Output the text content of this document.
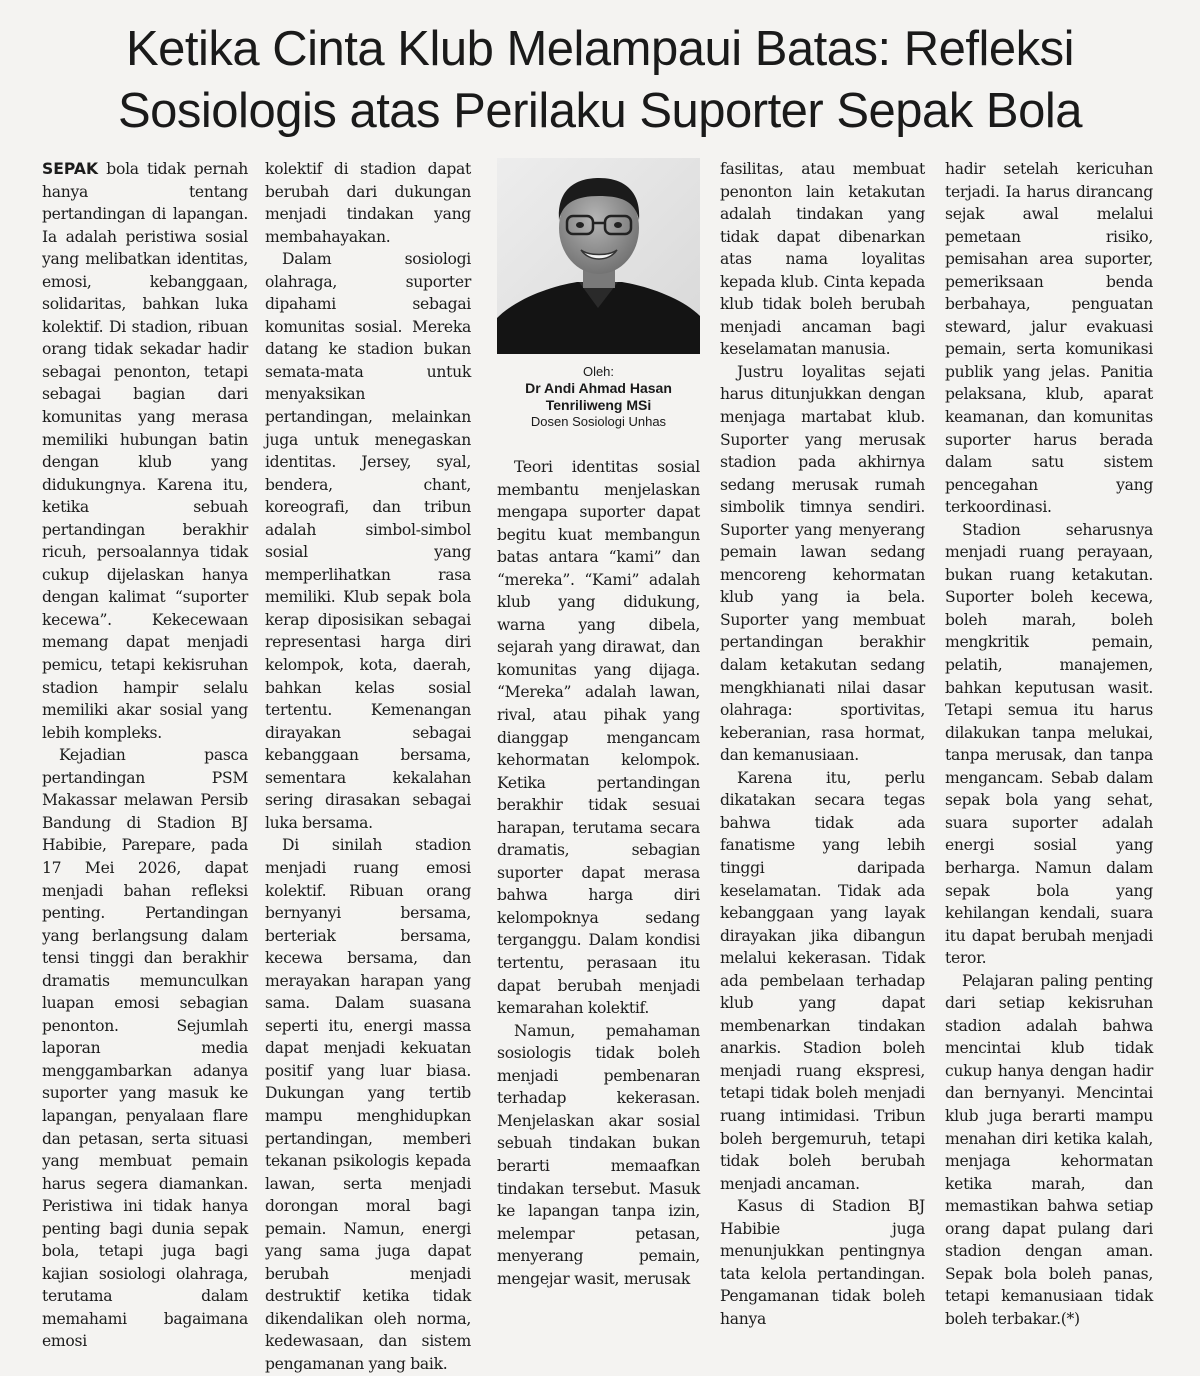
Ketika Cinta Klub Melampaui Batas: Refleksi
Sosiologis atas Perilaku Suporter Sepak Bola

SEPAK bola tidak pernah hanya tentang pertandingan di lapangan. Ia adalah peristiwa sosial yang melibatkan identitas, emosi, kebanggaan, solidaritas, bahkan luka kolektif. Di stadion, ribuan orang tidak sekadar hadir sebagai penonton, tetapi sebagai bagian dari komunitas yang merasa memiliki hubungan batin dengan klub yang didukungnya. Karena itu, ketika sebuah pertandingan berakhir ricuh, persoalannya tidak cukup dijelaskan hanya dengan kalimat “suporter kecewa”. Kekecewaan memang dapat menjadi pemicu, tetapi kekisruhan stadion hampir selalu memiliki akar sosial yang lebih kompleks.

Kejadian pasca pertandingan PSM Makassar melawan Persib Bandung di Stadion BJ Habibie, Parepare, pada 17 Mei 2026, dapat menjadi bahan refleksi penting. Pertandingan yang berlangsung dalam tensi tinggi dan berakhir dramatis memunculkan luapan emosi sebagian penonton. Sejumlah laporan media menggambarkan adanya suporter yang masuk ke lapangan, penyalaan flare dan petasan, serta situasi yang membuat pemain harus segera diamankan. Peristiwa ini tidak hanya penting bagi dunia sepak bola, tetapi juga bagi kajian sosiologi olahraga, terutama dalam memahami bagaimana emosi

kolektif di stadion dapat berubah dari dukungan menjadi tindakan yang membahayakan.

Dalam sosiologi olahraga, suporter dipahami sebagai komunitas sosial. Mereka datang ke stadion bukan semata-mata untuk menyaksikan pertandingan, melainkan juga untuk menegaskan identitas. Jersey, syal, bendera, chant, koreografi, dan tribun adalah simbol-simbol sosial yang memperlihatkan rasa memiliki. Klub sepak bola kerap diposisikan sebagai representasi harga diri kelompok, kota, daerah, bahkan kelas sosial tertentu. Kemenangan dirayakan sebagai kebanggaan bersama, sementara kekalahan sering dirasakan sebagai luka bersama.

Di sinilah stadion menjadi ruang emosi kolektif. Ribuan orang bernyanyi bersama, berteriak bersama, kecewa bersama, dan merayakan harapan yang sama. Dalam suasana seperti itu, energi massa dapat menjadi kekuatan positif yang luar biasa. Dukungan yang tertib mampu menghidupkan pertandingan, memberi tekanan psikologis kepada lawan, serta menjadi dorongan moral bagi pemain. Namun, energi yang sama juga dapat berubah menjadi destruktif ketika tidak dikendalikan oleh norma, kedewasaan, dan sistem pengamanan yang baik.

Oleh:
Dr Andi Ahmad Hasan
Tenriliweng MSi
Dosen Sosiologi Unhas

Teori identitas sosial membantu menjelaskan mengapa suporter dapat begitu kuat membangun batas antara “kami” dan “mereka”. “Kami” adalah klub yang didukung, warna yang dibela, sejarah yang dirawat, dan komunitas yang dijaga. “Mereka” adalah lawan, rival, atau pihak yang dianggap mengancam kehormatan kelompok. Ketika pertandingan berakhir tidak sesuai harapan, terutama secara dramatis, sebagian suporter dapat merasa bahwa harga diri kelompoknya sedang terganggu. Dalam kondisi tertentu, perasaan itu dapat berubah menjadi kemarahan kolektif.

Namun, pemahaman sosiologis tidak boleh menjadi pembenaran terhadap kekerasan. Menjelaskan akar sosial sebuah tindakan bukan berarti memaafkan tindakan tersebut. Masuk ke lapangan tanpa izin, melempar petasan, menyerang pemain, mengejar wasit, merusak

fasilitas, atau membuat penonton lain ketakutan adalah tindakan yang tidak dapat dibenarkan atas nama loyalitas kepada klub. Cinta kepada klub tidak boleh berubah menjadi ancaman bagi keselamatan manusia.

Justru loyalitas sejati harus ditunjukkan dengan menjaga martabat klub. Suporter yang merusak stadion pada akhirnya sedang merusak rumah simbolik timnya sendiri. Suporter yang menyerang pemain lawan sedang mencoreng kehormatan klub yang ia bela. Suporter yang membuat pertandingan berakhir dalam ketakutan sedang mengkhianati nilai dasar olahraga: sportivitas, keberanian, rasa hormat, dan kemanusiaan.

Karena itu, perlu dikatakan secara tegas bahwa tidak ada fanatisme yang lebih tinggi daripada keselamatan. Tidak ada kebanggaan yang layak dirayakan jika dibangun melalui kekerasan. Tidak ada pembelaan terhadap klub yang dapat membenarkan tindakan anarkis. Stadion boleh menjadi ruang ekspresi, tetapi tidak boleh menjadi ruang intimidasi. Tribun boleh bergemuruh, tetapi tidak boleh berubah menjadi ancaman.

Kasus di Stadion BJ Habibie juga menunjukkan pentingnya tata kelola pertandingan. Pengamanan tidak boleh hanya

hadir setelah kericuhan terjadi. Ia harus dirancang sejak awal melalui pemetaan risiko, pemisahan area suporter, pemeriksaan benda berbahaya, penguatan steward, jalur evakuasi pemain, serta komunikasi publik yang jelas. Panitia pelaksana, klub, aparat keamanan, dan komunitas suporter harus berada dalam satu sistem pencegahan yang terkoordinasi.

Stadion seharusnya menjadi ruang perayaan, bukan ruang ketakutan. Suporter boleh kecewa, boleh marah, boleh mengkritik pemain, pelatih, manajemen, bahkan keputusan wasit. Tetapi semua itu harus dilakukan tanpa melukai, tanpa merusak, dan tanpa mengancam. Sebab dalam sepak bola yang sehat, suara suporter adalah energi sosial yang berharga. Namun dalam sepak bola yang kehilangan kendali, suara itu dapat berubah menjadi teror.

Pelajaran paling penting dari setiap kekisruhan stadion adalah bahwa mencintai klub tidak cukup hanya dengan hadir dan bernyanyi. Mencintai klub juga berarti mampu menahan diri ketika kalah, menjaga kehormatan ketika marah, dan memastikan bahwa setiap orang dapat pulang dari stadion dengan aman. Sepak bola boleh panas, tetapi kemanusiaan tidak boleh terbakar.(*)
